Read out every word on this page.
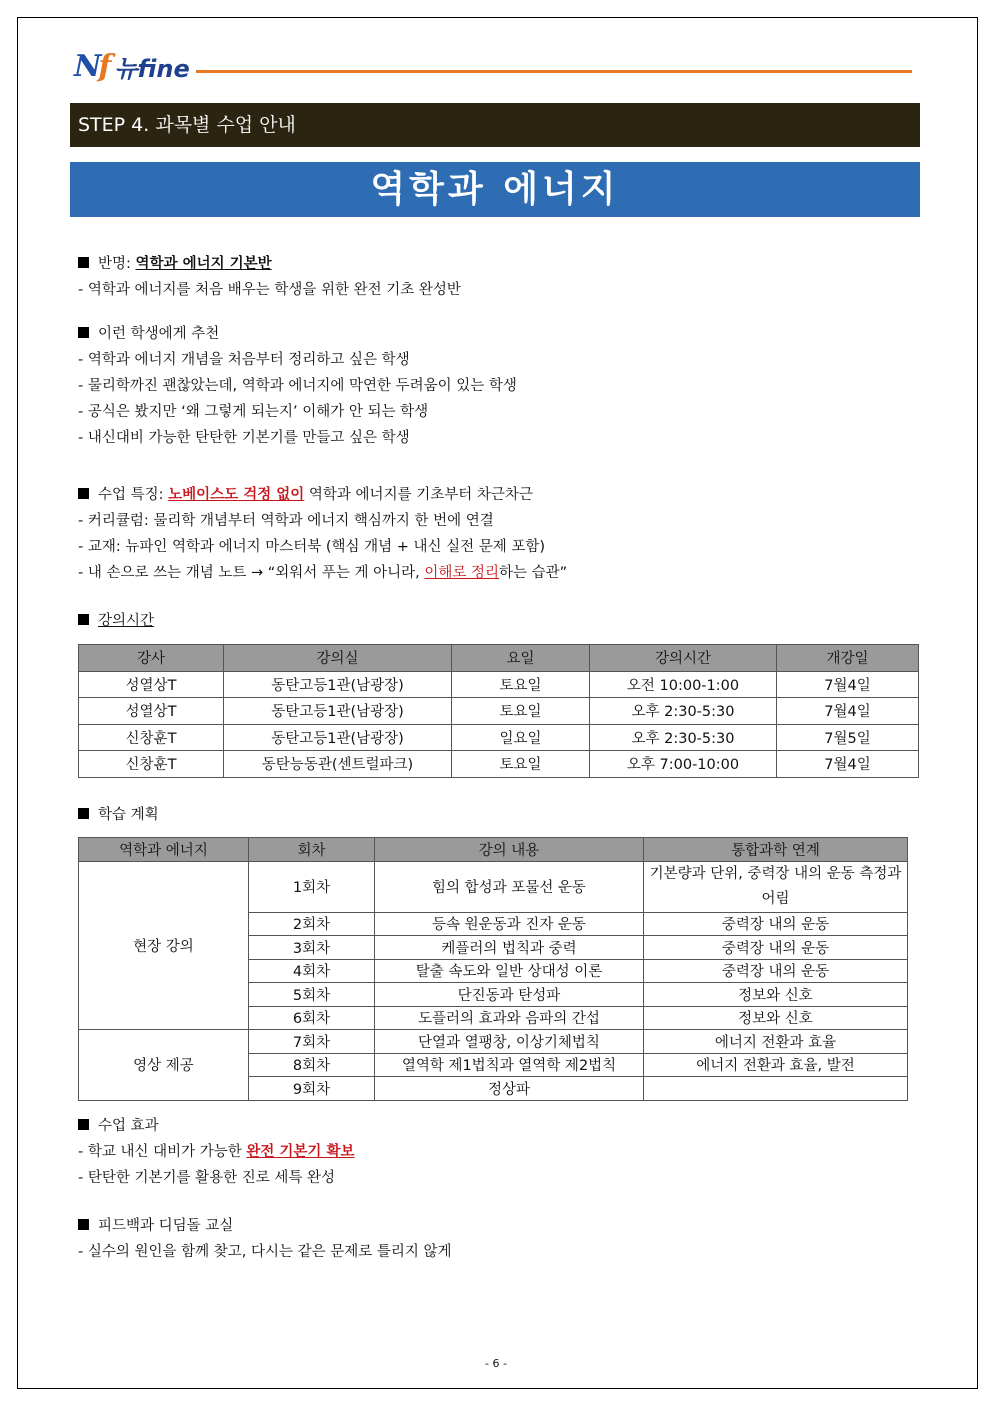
Nf 뉴fine
STEP 4. 과목별 수업 안내
역학과 에너지
반명: 역학과 에너지 기본반
- 역학과 에너지를 처음 배우는 학생을 위한 완전 기초 완성반
이런 학생에게 추천
- 역학과 에너지 개념을 처음부터 정리하고 싶은 학생
- 물리학까진 괜찮았는데, 역학과 에너지에 막연한 두려움이 있는 학생
- 공식은 봤지만 ‘왜 그렇게 되는지’ 이해가 안 되는 학생
- 내신대비 가능한 탄탄한 기본기를 만들고 싶은 학생
수업 특징: 노베이스도 걱정 없이 역학과 에너지를 기초부터 차근차근
- 커리큘럼: 물리학 개념부터 역학과 에너지 핵심까지 한 번에 연결
- 교재: 뉴파인 역학과 에너지 마스터북 (핵심 개념 + 내신 실전 문제 포함)
- 내 손으로 쓰는 개념 노트 → “외워서 푸는 게 아니라, 이해로 정리하는 습관”
강의시간
강사	강의실	요일	강의시간	개강일
성열상T	동탄고등1관(남광장)	토요일	오전 10:00-1:00	7월4일
성열상T	동탄고등1관(남광장)	토요일	오후 2:30-5:30	7월4일
신창훈T	동탄고등1관(남광장)	일요일	오후 2:30-5:30	7월5일
신창훈T	동탄능동관(센트럴파크)	토요일	오후 7:00-10:00	7월4일
학습 계획
역학과 에너지	회차	강의 내용	통합과학 연계
현장 강의	1회차	힘의 합성과 포물선 운동	기본량과 단위, 중력장 내의 운동 측정과 어림
	2회차	등속 원운동과 진자 운동	중력장 내의 운동
	3회차	케플러의 법칙과 중력	중력장 내의 운동
	4회차	탈출 속도와 일반 상대성 이론	중력장 내의 운동
	5회차	단진동과 탄성파	정보와 신호
	6회차	도플러의 효과와 음파의 간섭	정보와 신호
영상 제공	7회차	단열과 열팽창, 이상기체법칙	에너지 전환과 효율
	8회차	열역학 제1법칙과 열역학 제2법칙	에너지 전환과 효율, 발전
	9회차	정상파	
수업 효과
- 학교 내신 대비가 가능한 완전 기본기 확보
- 탄탄한 기본기를 활용한 진로 세특 완성
피드백과 디딤돌 교실
- 실수의 원인을 함께 찾고, 다시는 같은 문제로 틀리지 않게
- 6 -
